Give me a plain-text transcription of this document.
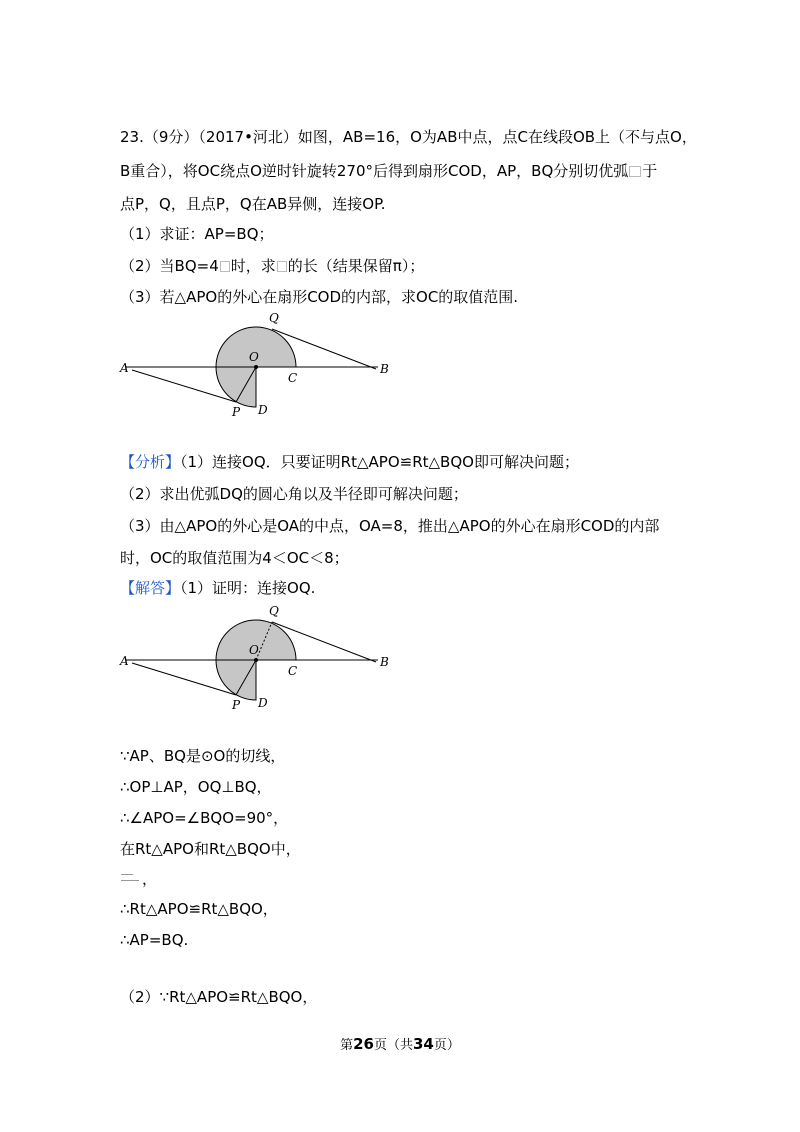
23.（9分）（2017•河北）如图，AB=16，O为AB中点，点C在线段OB上（不与点O，
B重合），将OC绕点O逆时针旋转270°后得到扇形COD，AP，BQ分别切优弧 于
点P，Q，且点P，Q在AB异侧，连接OP.
（1）求证：AP=BQ；
（2）当BQ=4 时，求 的长（结果保留π）；
（3）若△APO的外心在扇形COD的内部，求OC的取值范围.
A	B
O
C
Q
P D
【分析】（1）连接OQ．只要证明Rt△APO≌Rt△BQO即可解决问题；
（2）求出优弧DQ的圆心角以及半径即可解决问题；
（3）由△APO的外心是OA的中点，OA=8，推出△APO的外心在扇形COD的内部
时，OC的取值范围为4＜OC＜8；
【解答】（1）证明：连接OQ.
A	B
O
C
Q
P D
∵AP、BQ是⊙O的切线，
∴OP⊥AP，OQ⊥BQ，
∴∠APO=∠BQO=90°，
在Rt△APO和Rt△BQO中，
，
∴Rt△APO≌Rt△BQO，
∴AP=BQ.
（2）∵Rt△APO≌Rt△BQO，
第26页（共34页）
